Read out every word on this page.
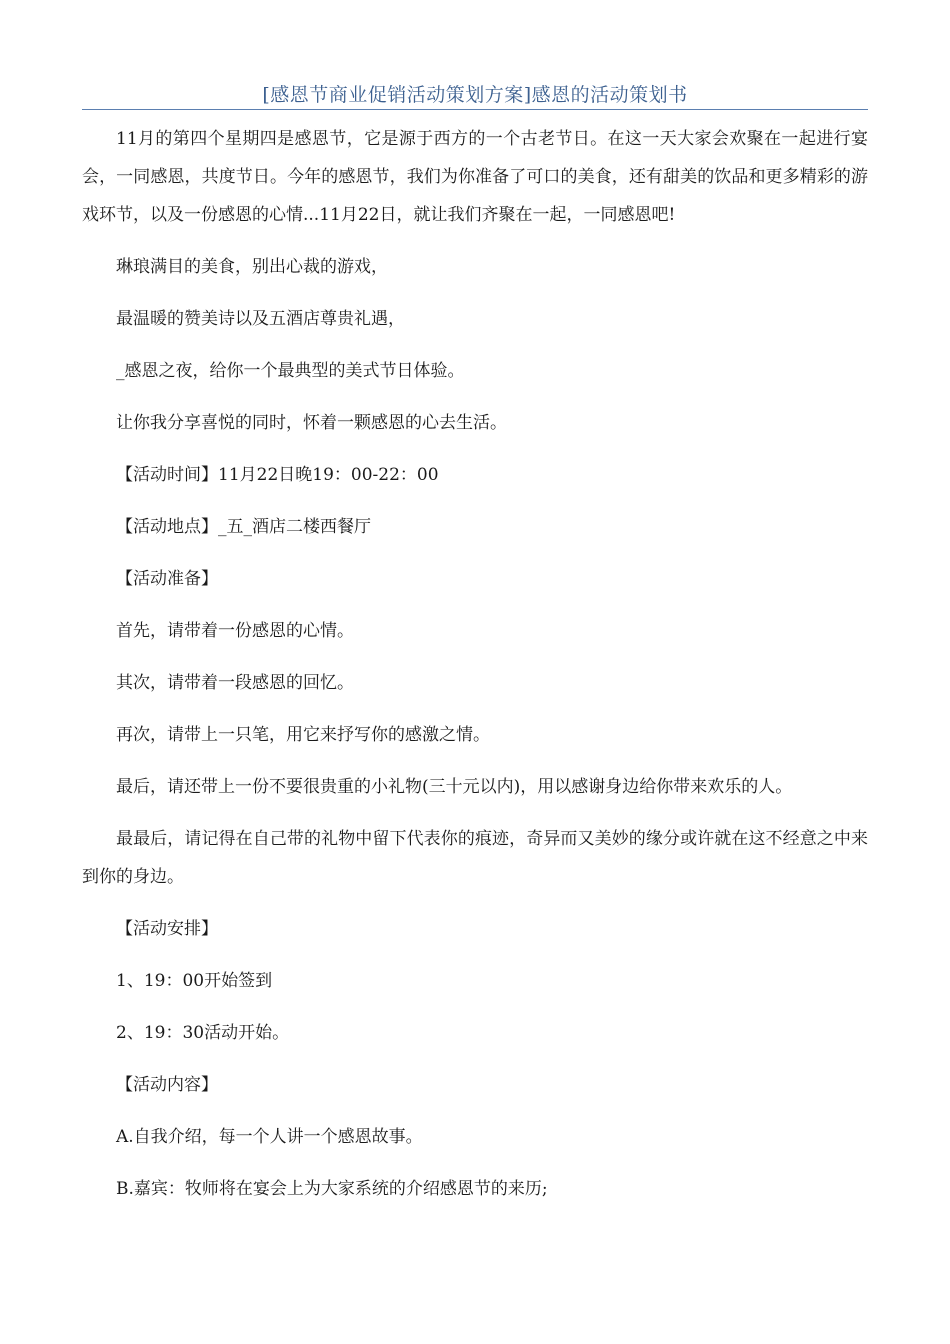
[感恩节商业促销活动策划方案]感恩的活动策划书

11月的第四个星期四是感恩节，它是源于西方的一个古老节日。在这一天大家会欢聚在一起进行宴会，一同感恩，共度节日。今年的感恩节，我们为你准备了可口的美食，还有甜美的饮品和更多精彩的游戏环节，以及一份感恩的心情...11月22日，就让我们齐聚在一起，一同感恩吧!

琳琅满目的美食，别出心裁的游戏，

最温暖的赞美诗以及五酒店尊贵礼遇，

_感恩之夜，给你一个最典型的美式节日体验。

让你我分享喜悦的同时，怀着一颗感恩的心去生活。

【活动时间】11月22日晚19：00-22：00

【活动地点】_五_酒店二楼西餐厅

【活动准备】

首先，请带着一份感恩的心情。

其次，请带着一段感恩的回忆。

再次，请带上一只笔，用它来抒写你的感激之情。

最后，请还带上一份不要很贵重的小礼物(三十元以内)，用以感谢身边给你带来欢乐的人。

最最后，请记得在自己带的礼物中留下代表你的痕迹，奇异而又美妙的缘分或许就在这不经意之中来到你的身边。

【活动安排】

1、19：00开始签到

2、19：30活动开始。

【活动内容】

A.自我介绍，每一个人讲一个感恩故事。

B.嘉宾：牧师将在宴会上为大家系统的介绍感恩节的来历;
